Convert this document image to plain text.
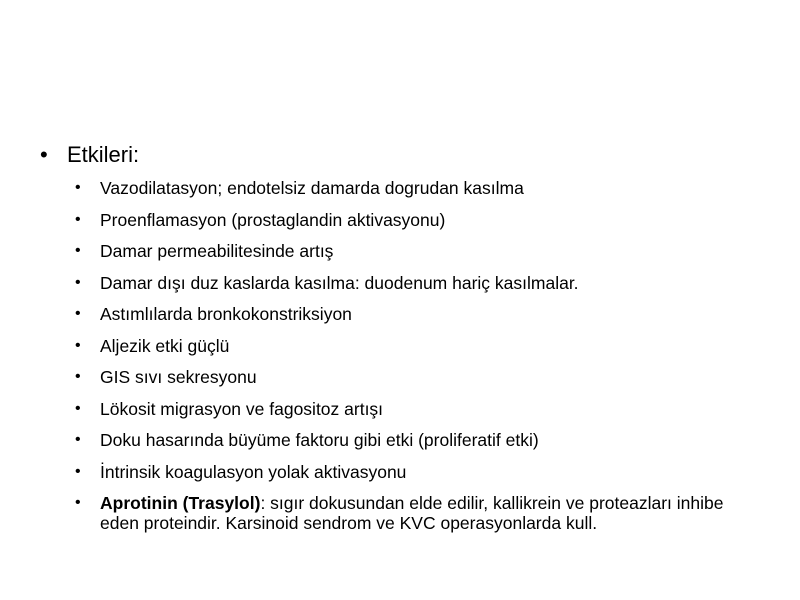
• Etkileri:
• Vazodilatasyon; endotelsiz damarda dogrudan kasılma
• Proenflamasyon (prostaglandin aktivasyonu)
• Damar permeabilitesinde artış
• Damar dışı duz kaslarda kasılma: duodenum hariç kasılmalar.
• Astımlılarda bronkokonstriksiyon
• Aljezik etki güçlü
• GIS sıvı sekresyonu
• Lökosit migrasyon ve fagositoz artışı
• Doku hasarında büyüme faktoru gibi etki (proliferatif etki)
• İntrinsik koagulasyon yolak aktivasyonu
• Aprotinin (Trasylol): sıgır dokusundan elde edilir, kallikrein ve proteazları inhibe eden proteindir. Karsinoid sendrom ve KVC operasyonlarda kull.
